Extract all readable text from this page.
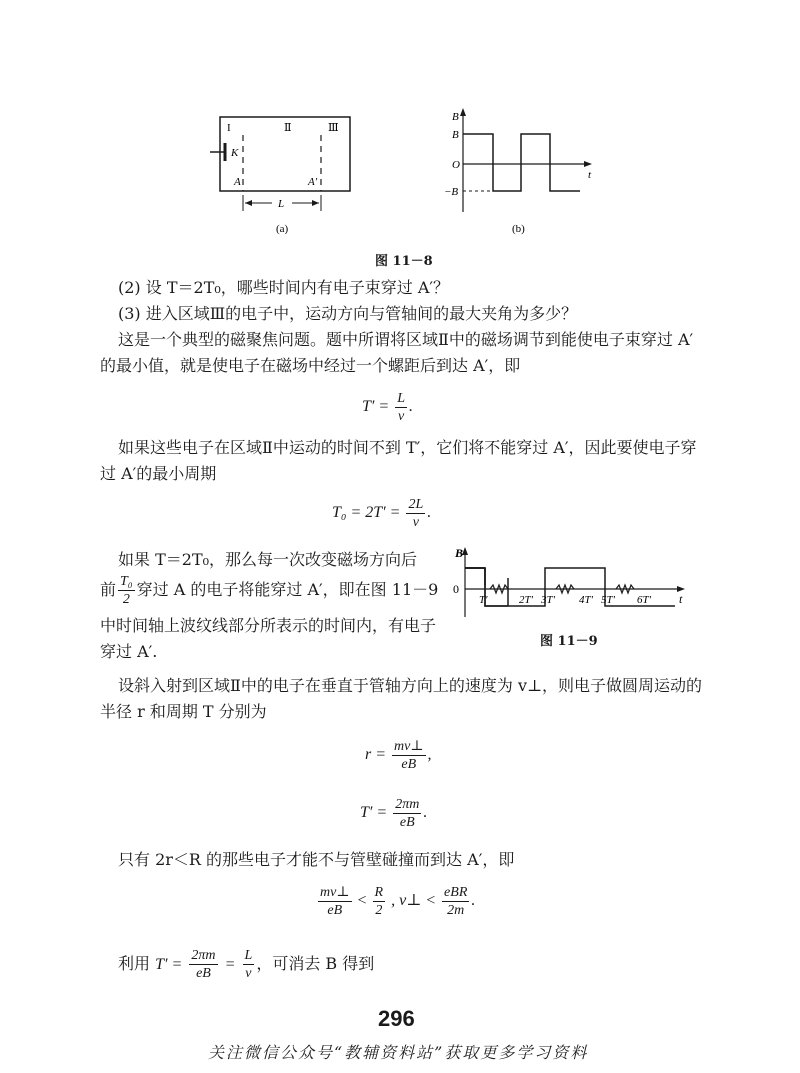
I	Ⅱ	Ⅲ
K
A	A′
L
(a)
B
B
O
−B
t
(b)
图 11－8
(2) 设 T＝2T₀，哪些时间内有电子束穿过 A′？
(3) 进入区域Ⅲ的电子中，运动方向与管轴间的最大夹角为多少？
这是一个典型的磁聚焦问题。题中所谓将区域Ⅱ中的磁场调节到能使电子束穿过 A′
的最小值，就是使电子在磁场中经过一个螺距后到达 A′，即
$T' = \frac{L}{v}$ .
如果这些电子在区域Ⅱ中运动的时间不到 T′，它们将不能穿过 A′，因此要使电子穿
过 A′的最小周期
$T_0 = 2T' = \frac{2L}{v}$ .
如果 T＝2T₀，那么每一次改变磁场方向后
前 $\frac{\text{T₀}}{2}$ 穿过 A 的电子将能穿过 A′，即在图 11－9
中时间轴上波纹线部分所表示的时间内，有电子
穿过 A′.
B
0
t
T′	2T′ 3T′ 4T′ 5T′ 6T′
图 11－9
设斜入射到区域Ⅱ中的电子在垂直于管轴方向上的速度为 v⊥，则电子做圆周运动的
半径 r 和周期 T 分别为
$r = \frac{mv\perp}{eB}$ ,
$T' = \frac{2\pi m}{eB}$ .
只有 2r＜R 的那些电子才能不与管壁碰撞而到达 A′，即
$\frac{mv\perp}{eB} < \frac{R}{2}$ , v⊥ < $\frac{\text{eBR}}{2m}$ .
利用 $T' = \frac{2\pi m}{eB} = \frac{L}{v}$ ，可消去 B 得到
296
关注微信公众号“教辅资料站”获取更多学习资料
